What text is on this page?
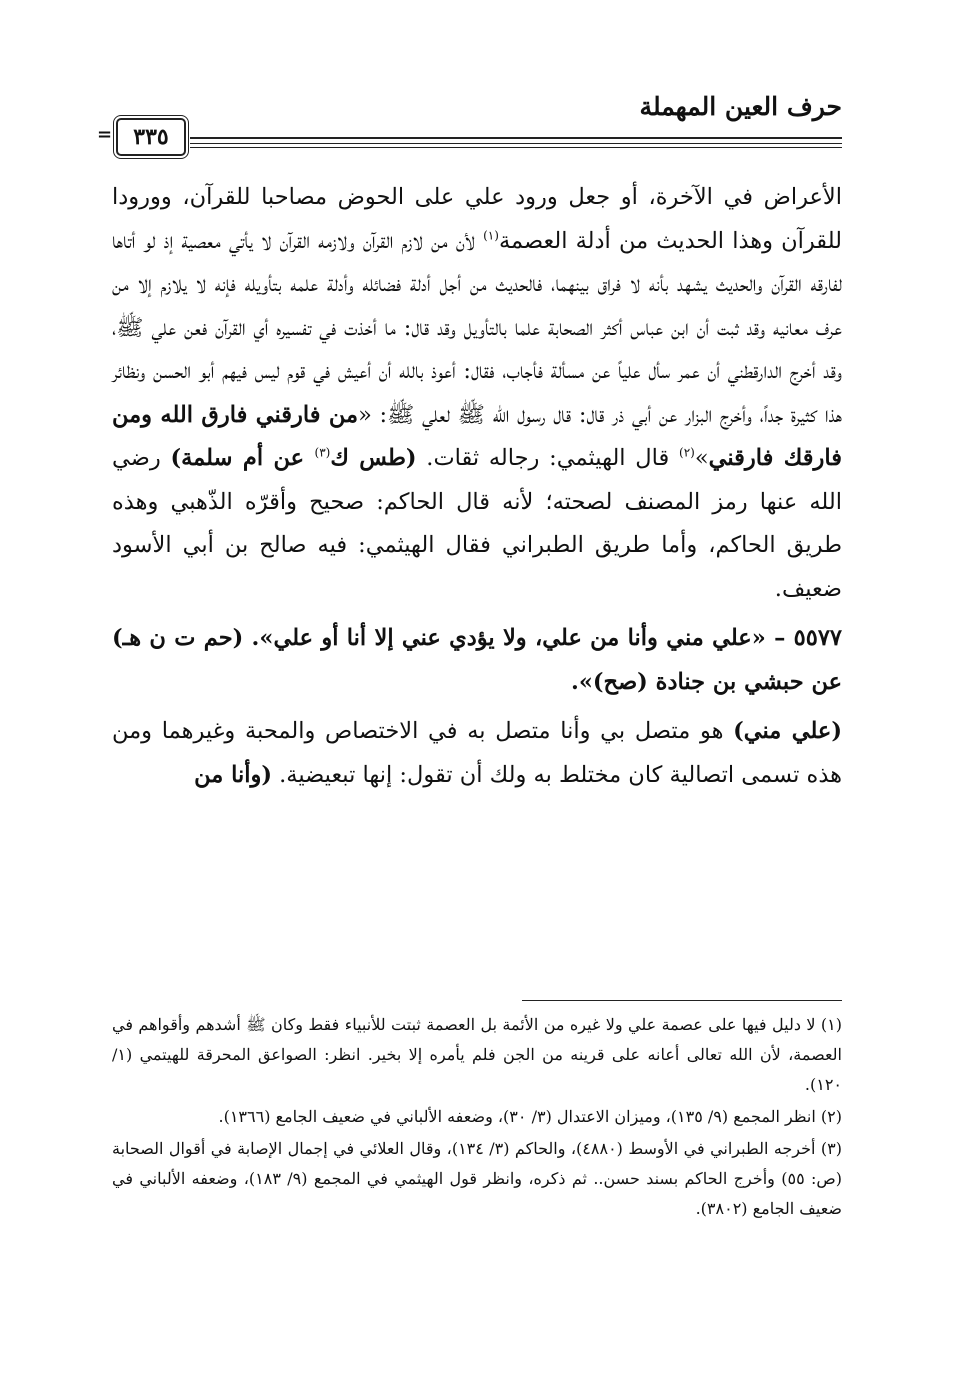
حرف العين المهملة
٣٣٥
=

الأعراض في الآخرة، أو جعل ورود علي على الحوض مصاحبا للقرآن، وورودا للقرآن وهذا الحديث من أدلة العصمة$^{(١)}$ لأن من لازم القرآن ولازمه القرآن لا يأتي معصية إذ لو أتاها لفارقه القرآن والحديث يشهد بأنه لا فراق بينهما، فالحديث من أجل أدلة فضائله وأدلة علمه بتأويله فإنه لا يلازم إلا من عرف معانيه وقد ثبت أن ابن عباس أكثر الصحابة علما بالتأويل وقد قال: ما أخذت في تفسيره أي القرآن فعن علي ﷺ، وقد أخرج الدارقطني أن عمر سأل علياً عن مسألة فأجاب، فقال: أعوذ بالله أن أعيش في قوم ليس فيهم أبو الحسن ونظائر هذا كثيرة جداً، وأخرج البزار عن أبي ذر قال: قال رسول الله ﷺ لعلي ﷺ: «من فارقني فارق الله ومن فارقك فارقني»$^{(٢)}$ قال الهيثمي: رجاله ثقات. (طس ك$^{(٣)}$ عن أم سلمة) رضي الله عنها رمز المصنف لصحته؛ لأنه قال الحاكم: صحيح وأقرّه الذّهبي وهذه طريق الحاكم، وأما طريق الطبراني فقال الهيثمي: فيه صالح بن أبي الأسود ضعيف.

٥٥٧٧ – «علي مني وأنا من علي، ولا يؤدي عني إلا أنا أو علي». (حم ت ن هـ) عن حبشي بن جنادة (صح)».

(علي مني) هو متصل بي وأنا متصل به في الاختصاص والمحبة وغيرهما ومن هذه تسمى اتصالية كان مختلط به ولك أن تقول: إنها تبعيضية. (وأنا من

(١) لا دليل فيها على عصمة علي ولا غيره من الأئمة بل العصمة ثبتت للأنبياء فقط وكان ﷺ أشدهم وأقواهم في العصمة، لأن الله تعالى أعانه على قرينه من الجن فلم يأمره إلا بخير. انظر: الصواعق المحرقة للهيتمي (١/ ١٢٠).

(٢) انظر المجمع (٩/ ١٣٥)، وميزان الاعتدال (٣/ ٣٠)، وضعفه الألباني في ضعيف الجامع (١٣٦٦).

(٣) أخرجه الطبراني في الأوسط (٤٨٨٠)، والحاكم (٣/ ١٣٤)، وقال العلائي في إجمال الإصابة في أقوال الصحابة (ص: ٥٥) وأخرج الحاكم بسند حسن.. ثم ذكره، وانظر قول الهيثمي في المجمع (٩/ ١٨٣)، وضعفه الألباني في ضعيف الجامع (٣٨٠٢).
